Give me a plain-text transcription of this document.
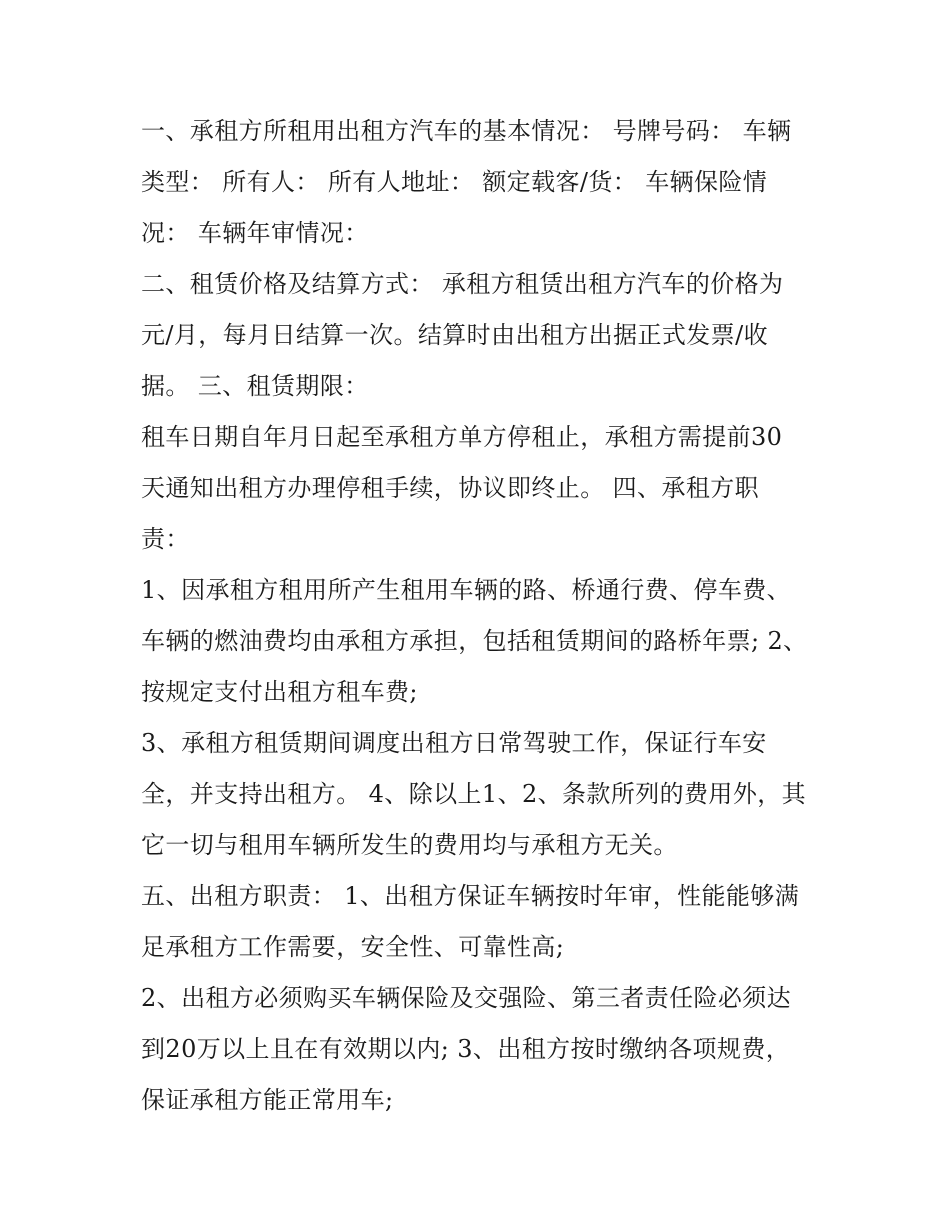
一、承租方所租用出租方汽车的基本情况： 号牌号码： 车辆
类型： 所有人： 所有人地址： 额定载客/货： 车辆保险情
况： 车辆年审情况：

二、租赁价格及结算方式： 承租方租赁出租方汽车的价格为
元/月，每月日结算一次。结算时由出租方出据正式发票/收
据。 三、租赁期限：

租车日期自年月日起至承租方单方停租止，承租方需提前30
天通知出租方办理停租手续，协议即终止。 四、承租方职
责：

1、因承租方租用所产生租用车辆的路、桥通行费、停车费、
车辆的燃油费均由承租方承担，包括租赁期间的路桥年票; 2、
按规定支付出租方租车费;

3、承租方租赁期间调度出租方日常驾驶工作，保证行车安
全，并支持出租方。 4、除以上1、2、条款所列的费用外，其
它一切与租用车辆所发生的费用均与承租方无关。

五、出租方职责： 1、出租方保证车辆按时年审，性能能够满
足承租方工作需要，安全性、可靠性高;

2、出租方必须购买车辆保险及交强险、第三者责任险必须达
到20万以上且在有效期以内; 3、出租方按时缴纳各项规费，
保证承租方能正常用车;
